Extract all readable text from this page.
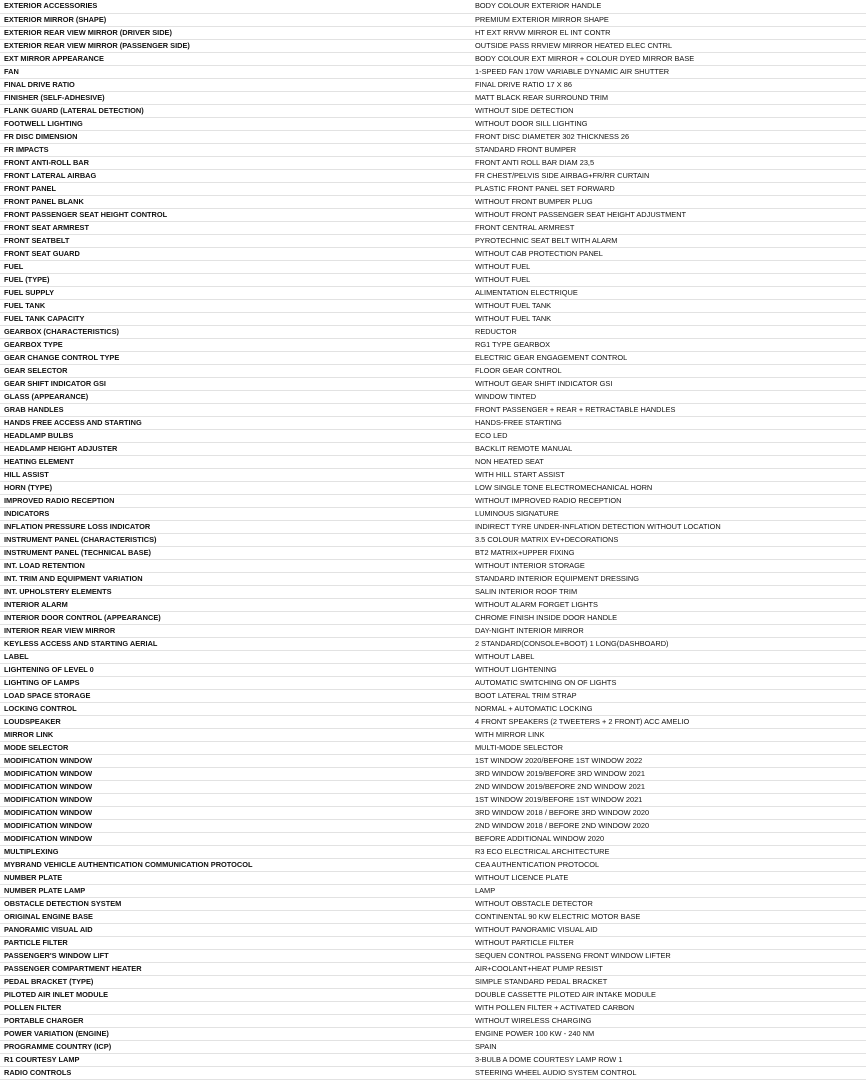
EXTERIOR ACCESSORIES	BODY COLOUR EXTERIOR HANDLE
EXTERIOR MIRROR (SHAPE)	PREMIUM EXTERIOR MIRROR SHAPE
EXTERIOR REAR VIEW MIRROR (DRIVER SIDE)	HT EXT RRVW MIRROR EL INT CONTR
EXTERIOR REAR VIEW MIRROR (PASSENGER SIDE)	OUTSIDE PASS RRVIEW MIRROR HEATED ELEC CNTRL
EXT MIRROR APPEARANCE	BODY COLOUR EXT MIRROR + COLOUR DYED MIRROR BASE
FAN	1-SPEED FAN 170W VARIABLE DYNAMIC AIR SHUTTER
FINAL DRIVE RATIO	FINAL DRIVE RATIO 17 X 86
FINISHER (SELF-ADHESIVE)	MATT BLACK REAR SURROUND TRIM
FLANK GUARD (LATERAL DETECTION)	WITHOUT SIDE DETECTION
FOOTWELL LIGHTING	WITHOUT DOOR SILL LIGHTING
FR DISC DIMENSION	FRONT DISC DIAMETER 302 THICKNESS 26
FR IMPACTS	STANDARD FRONT BUMPER
FRONT ANTI-ROLL BAR	FRONT ANTI ROLL BAR DIAM 23,5
FRONT LATERAL AIRBAG	FR CHEST/PELVIS SIDE AIRBAG+FR/RR CURTAIN
FRONT PANEL	PLASTIC FRONT PANEL SET FORWARD
FRONT PANEL BLANK	WITHOUT FRONT BUMPER PLUG
FRONT PASSENGER SEAT HEIGHT CONTROL	WITHOUT FRONT PASSENGER SEAT HEIGHT ADJUSTMENT
FRONT SEAT ARMREST	FRONT CENTRAL ARMREST
FRONT SEATBELT	PYROTECHNIC SEAT BELT WITH ALARM
FRONT SEAT GUARD	WITHOUT CAB PROTECTION PANEL
FUEL	WITHOUT FUEL
FUEL (TYPE)	WITHOUT FUEL
FUEL SUPPLY	ALIMENTATION ELECTRIQUE
FUEL TANK	WITHOUT FUEL TANK
FUEL TANK CAPACITY	WITHOUT FUEL TANK
GEARBOX (CHARACTERISTICS)	REDUCTOR
GEARBOX TYPE	RG1 TYPE GEARBOX
GEAR CHANGE CONTROL TYPE	ELECTRIC GEAR ENGAGEMENT CONTROL
GEAR SELECTOR	FLOOR GEAR CONTROL
GEAR SHIFT INDICATOR GSI	WITHOUT GEAR SHIFT INDICATOR GSI
GLASS (APPEARANCE)	WINDOW TINTED
GRAB HANDLES	FRONT PASSENGER + REAR + RETRACTABLE HANDLES
HANDS FREE ACCESS AND STARTING	HANDS-FREE STARTING
HEADLAMP BULBS	ECO LED
HEADLAMP HEIGHT ADJUSTER	BACKLIT REMOTE MANUAL
HEATING ELEMENT	NON HEATED SEAT
HILL ASSIST	WITH HILL START ASSIST
HORN (TYPE)	LOW SINGLE TONE ELECTROMECHANICAL HORN
IMPROVED RADIO RECEPTION	WITHOUT IMPROVED RADIO RECEPTION
INDICATORS	LUMINOUS SIGNATURE
INFLATION PRESSURE LOSS INDICATOR	INDIRECT TYRE UNDER-INFLATION DETECTION WITHOUT LOCATION
INSTRUMENT PANEL (CHARACTERISTICS)	3.5 COLOUR MATRIX EV+DECORATIONS
INSTRUMENT PANEL (TECHNICAL BASE)	BT2 MATRIX+UPPER FIXING
INT. LOAD RETENTION	WITHOUT INTERIOR STORAGE
INT. TRIM AND EQUIPMENT VARIATION	STANDARD INTERIOR EQUIPMENT DRESSING
INT. UPHOLSTERY ELEMENTS	SALIN INTERIOR ROOF TRIM
INTERIOR ALARM	WITHOUT ALARM FORGET LIGHTS
INTERIOR DOOR CONTROL (APPEARANCE)	CHROME FINISH INSIDE DOOR HANDLE
INTERIOR REAR VIEW MIRROR	DAY-NIGHT INTERIOR MIRROR
KEYLESS ACCESS AND STARTING AERIAL	2 STANDARD(CONSOLE+BOOT) 1 LONG(DASHBOARD)
LABEL	WITHOUT LABEL
LIGHTENING OF LEVEL 0	WITHOUT LIGHTENING
LIGHTING OF LAMPS	AUTOMATIC SWITCHING ON OF LIGHTS
LOAD SPACE STORAGE	BOOT LATERAL TRIM STRAP
LOCKING CONTROL	NORMAL + AUTOMATIC LOCKING
LOUDSPEAKER	4 FRONT SPEAKERS (2 TWEETERS + 2 FRONT) ACC AMELIO
MIRROR LINK	WITH MIRROR LINK
MODE SELECTOR	MULTI-MODE SELECTOR
MODIFICATION WINDOW	1ST WINDOW 2020/BEFORE 1ST WINDOW 2022
MODIFICATION WINDOW	3RD WINDOW 2019/BEFORE 3RD WINDOW 2021
MODIFICATION WINDOW	2ND WINDOW 2019/BEFORE 2ND WINDOW 2021
MODIFICATION WINDOW	1ST WINDOW 2019/BEFORE 1ST WINDOW 2021
MODIFICATION WINDOW	3RD WINDOW 2018 / BEFORE 3RD WINDOW 2020
MODIFICATION WINDOW	2ND WINDOW 2018 / BEFORE 2ND WINDOW 2020
MODIFICATION WINDOW	BEFORE ADDITIONAL WINDOW 2020
MULTIPLEXING	R3 ECO ELECTRICAL ARCHITECTURE
MYBRAND VEHICLE AUTHENTICATION COMMUNICATION PROTOCOL	CEA AUTHENTICATION PROTOCOL
NUMBER PLATE	WITHOUT LICENCE PLATE
NUMBER PLATE LAMP	LAMP
OBSTACLE DETECTION SYSTEM	WITHOUT OBSTACLE DETECTOR
ORIGINAL ENGINE BASE	CONTINENTAL 90 KW ELECTRIC MOTOR BASE
PANORAMIC VISUAL AID	WITHOUT PANORAMIC VISUAL AID
PARTICLE FILTER	WITHOUT PARTICLE FILTER
PASSENGER'S WINDOW LIFT	SEQUEN CONTROL PASSENG FRONT WINDOW LIFTER
PASSENGER COMPARTMENT HEATER	AIR+COOLANT+HEAT PUMP RESIST
PEDAL BRACKET (TYPE)	SIMPLE STANDARD PEDAL BRACKET
PILOTED AIR INLET MODULE	DOUBLE CASSETTE PILOTED AIR INTAKE MODULE
POLLEN FILTER	WITH POLLEN FILTER + ACTIVATED CARBON
PORTABLE CHARGER	WITHOUT WIRELESS CHARGING
POWER VARIATION (ENGINE)	ENGINE POWER 100 KW - 240 NM
PROGRAMME COUNTRY (ICP)	SPAIN
R1 COURTESY LAMP	3-BULB A DOME COURTESY LAMP ROW 1
RADIO CONTROLS	STEERING WHEEL AUDIO SYSTEM CONTROL
